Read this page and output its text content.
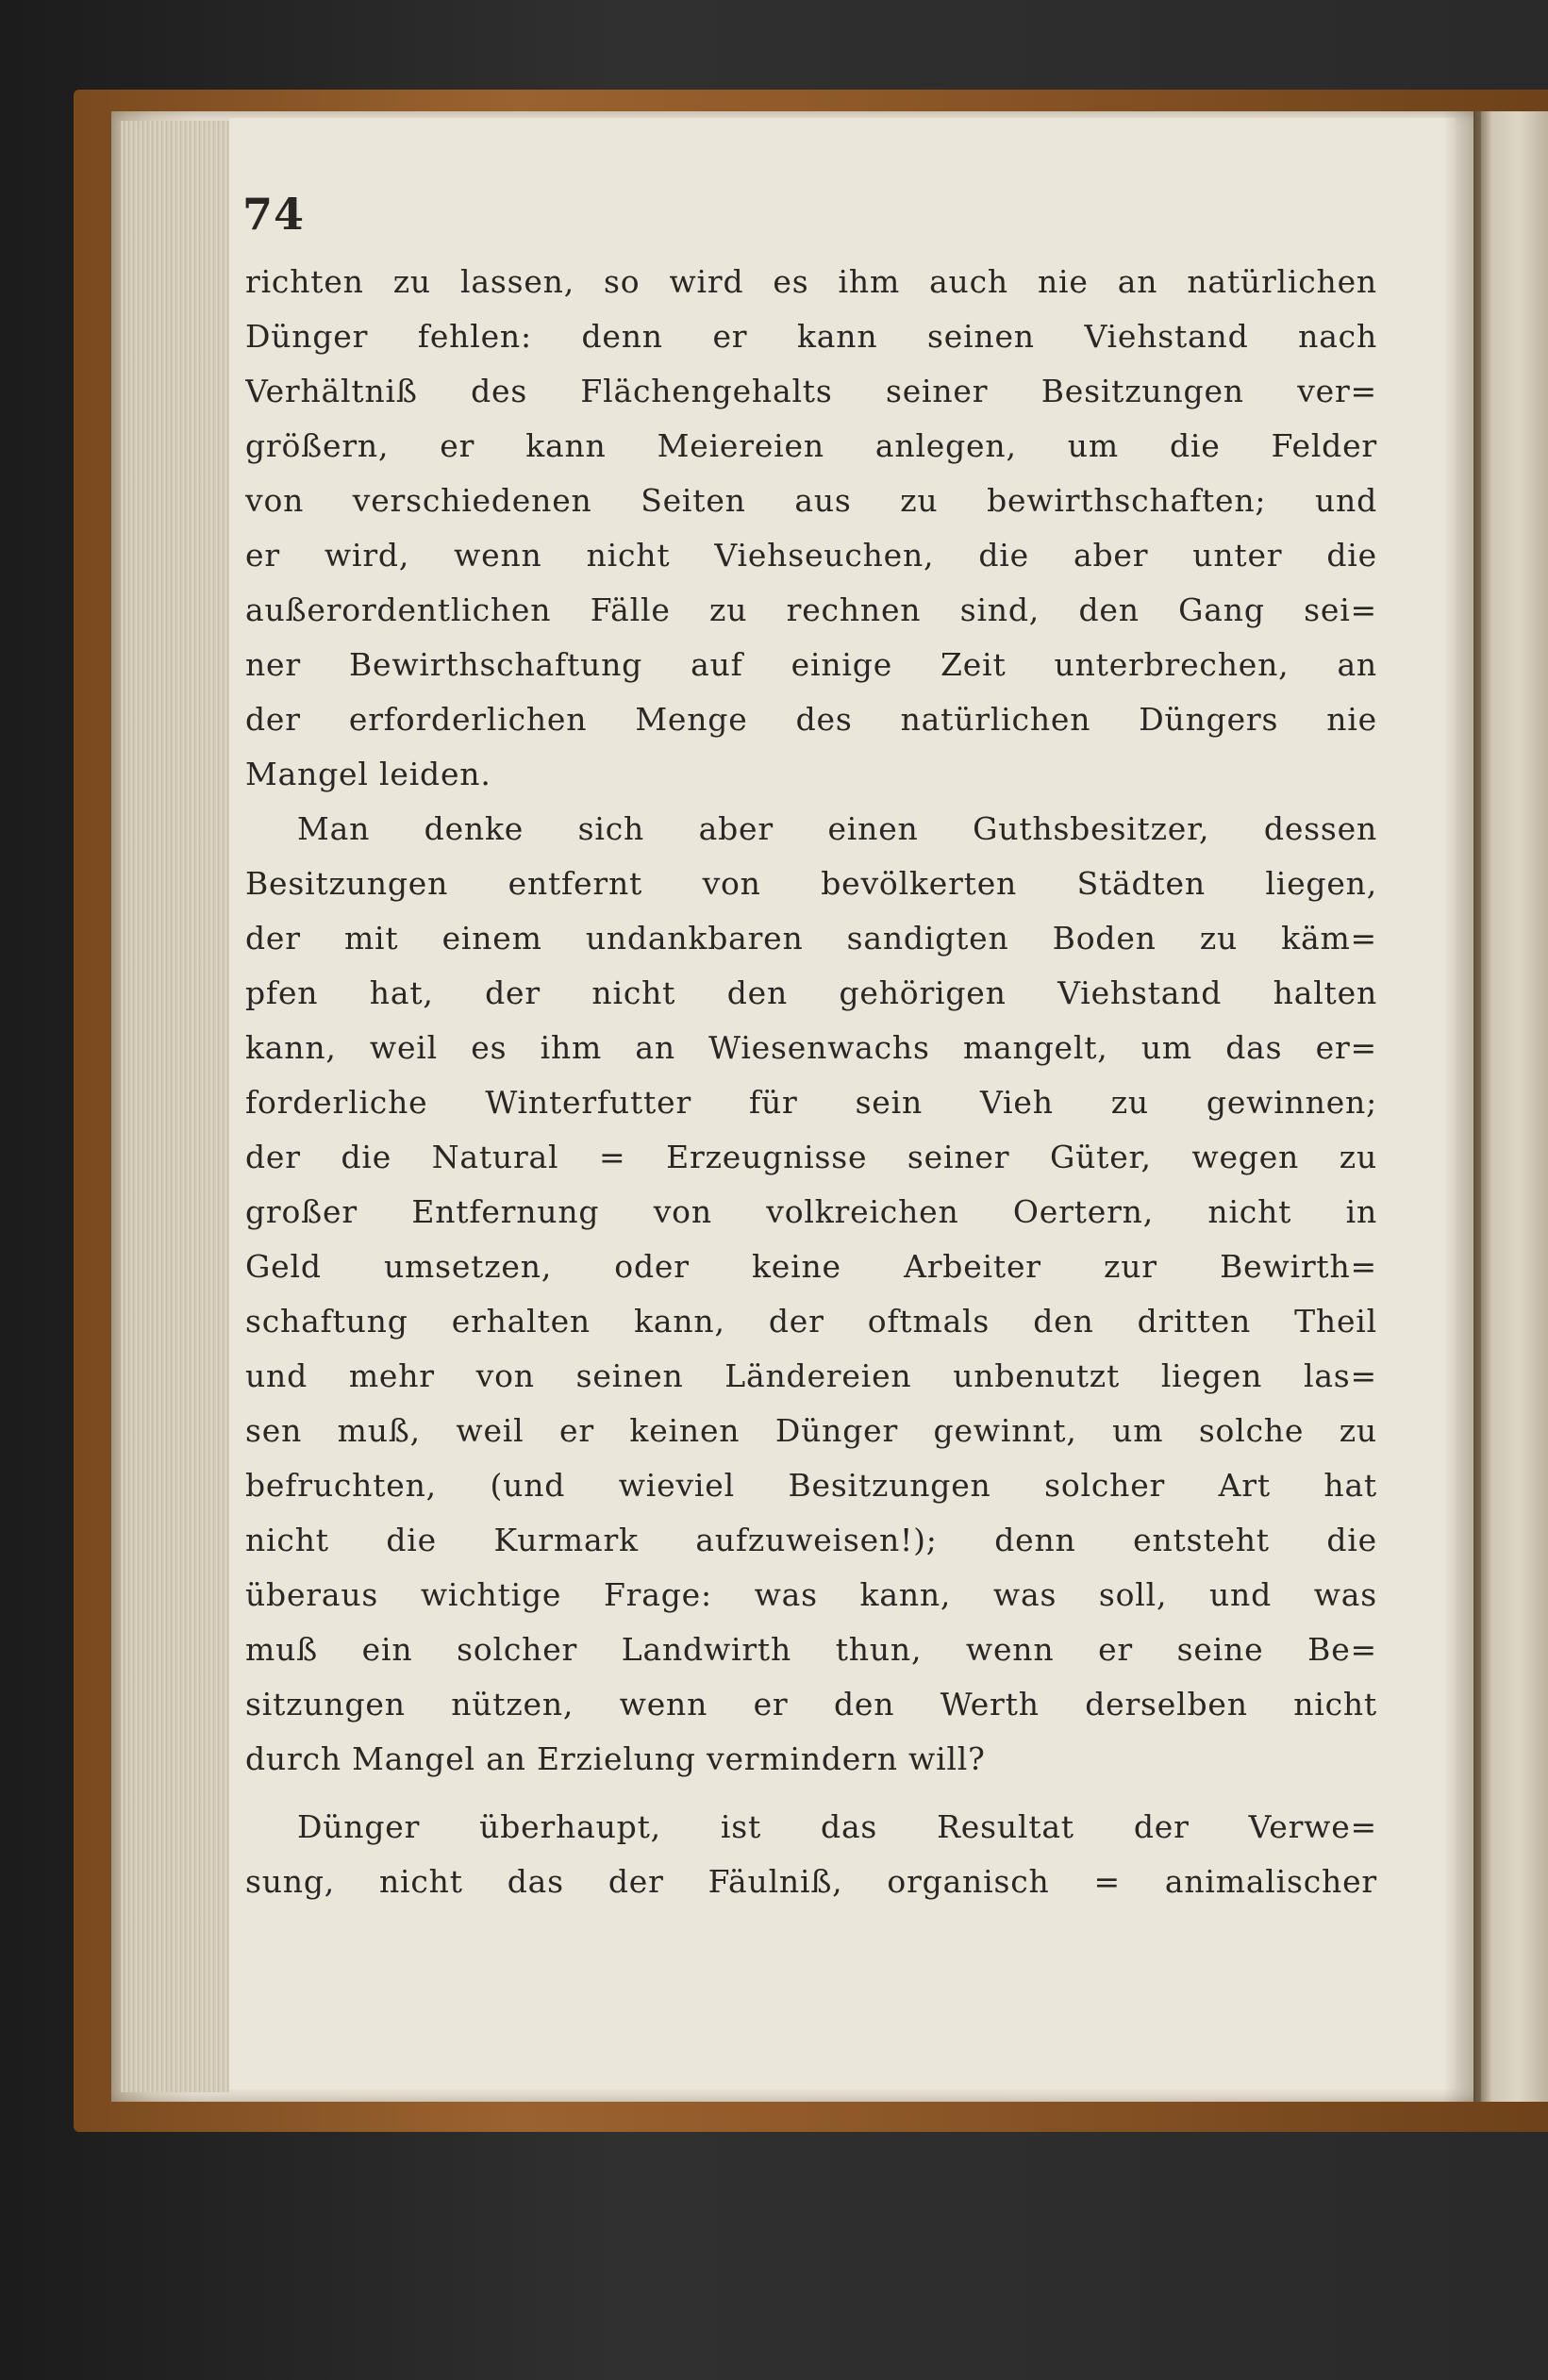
74
richten zu lassen, so wird es ihm auch nie an natürlichen
Dünger fehlen: denn er kann seinen Viehstand nach
Verhältniß des Flächengehalts seiner Besitzungen ver=
größern, er kann Meiereien anlegen, um die Felder
von verschiedenen Seiten aus zu bewirthschaften; und
er wird, wenn nicht Viehseuchen, die aber unter die
außerordentlichen Fälle zu rechnen sind, den Gang sei=
ner Bewirthschaftung auf einige Zeit unterbrechen, an
der erforderlichen Menge des natürlichen Düngers nie
Mangel leiden.
Man denke sich aber einen Guthsbesitzer, dessen
Besitzungen entfernt von bevölkerten Städten liegen,
der mit einem undankbaren sandigten Boden zu käm=
pfen hat, der nicht den gehörigen Viehstand halten
kann, weil es ihm an Wiesenwachs mangelt, um das er=
forderliche Winterfutter für sein Vieh zu gewinnen;
der die Natural = Erzeugnisse seiner Güter, wegen zu
großer Entfernung von volkreichen Oertern, nicht in
Geld umsetzen, oder keine Arbeiter zur Bewirth=
schaftung erhalten kann, der oftmals den dritten Theil
und mehr von seinen Ländereien unbenutzt liegen las=
sen muß, weil er keinen Dünger gewinnt, um solche zu
befruchten, (und wieviel Besitzungen solcher Art hat
nicht die Kurmark aufzuweisen!); denn entsteht die
überaus wichtige Frage: was kann, was soll, und was
muß ein solcher Landwirth thun, wenn er seine Be=
sitzungen nützen, wenn er den Werth derselben nicht
durch Mangel an Erzielung vermindern will?
Dünger überhaupt, ist das Resultat der Verwe=
sung, nicht das der Fäulniß, organisch = animalischer
